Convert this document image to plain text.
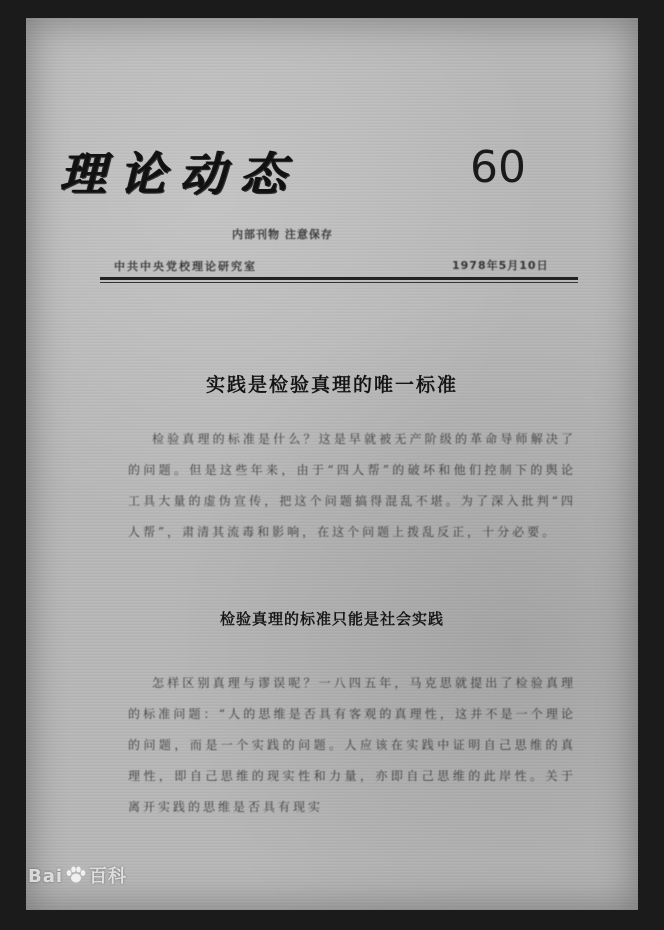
理论动态	60
内部刊物 注意保存
中共中央党校理论研究室	1978年5月10日
实践是检验真理的唯一标准
检验真理的标准是什么？这是早就被无产阶级的革命导师解决了的问题。但是这些年来，由于“四人帮”的破坏和他们控制下的舆论工具大量的虚伪宣传，把这个问题搞得混乱不堪。为了深入批判“四人帮”，肃清其流毒和影响，在这个问题上拨乱反正，十分必要。
检验真理的标准只能是社会实践
怎样区别真理与谬误呢？一八四五年，马克思就提出了检验真理的标准问题：“人的思维是否具有客观的真理性，这并不是一个理论的问题，而是一个实践的问题。人应该在实践中证明自己思维的真理性，即自己思维的现实性和力量，亦即自己思维的此岸性。关于离开实践的思维是否具有现实
Bai 百科
